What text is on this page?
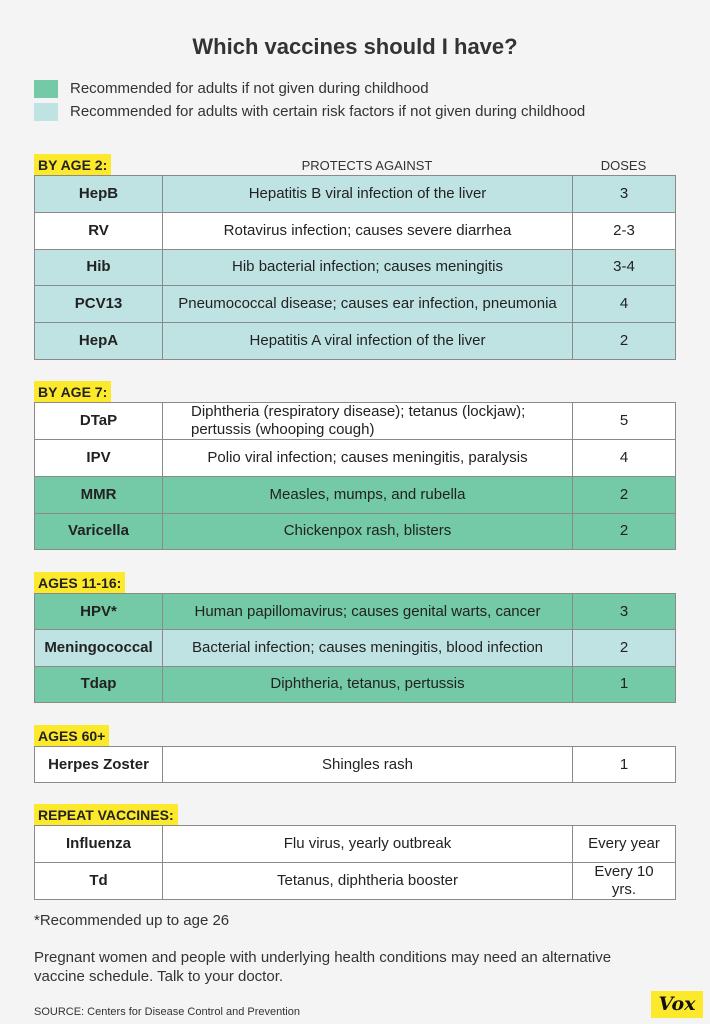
Which vaccines should I have?
Recommended for adults if not given during childhood
Recommended for adults with certain risk factors if not given during childhood
PROTECTS AGAINST	DOSES
BY AGE 2:
HepB	Hepatitis B viral infection of the liver	3
RV	Rotavirus infection; causes severe diarrhea	2-3
Hib	Hib bacterial infection; causes meningitis	3-4
PCV13	Pneumococcal disease; causes ear infection, pneumonia	4
HepA	Hepatitis A viral infection of the liver	2
BY AGE 7:
DTaP	Diphtheria (respiratory disease); tetanus (lockjaw); pertussis (whooping cough)	5
IPV	Polio viral infection; causes meningitis, paralysis	4
MMR	Measles, mumps, and rubella	2
Varicella	Chickenpox rash, blisters	2
AGES 11-16:
HPV*	Human papillomavirus; causes genital warts, cancer	3
Meningococcal	Bacterial infection; causes meningitis, blood infection	2
Tdap	Diphtheria, tetanus, pertussis	1
AGES 60+
Herpes Zoster	Shingles rash	1
REPEAT VACCINES:
Influenza	Flu virus, yearly outbreak	Every year
Td	Tetanus, diphtheria booster	Every 10 yrs.
*Recommended up to age 26
Pregnant women and people with underlying health conditions may need an alternative vaccine schedule. Talk to your doctor.
SOURCE: Centers for Disease Control and Prevention	Vox
